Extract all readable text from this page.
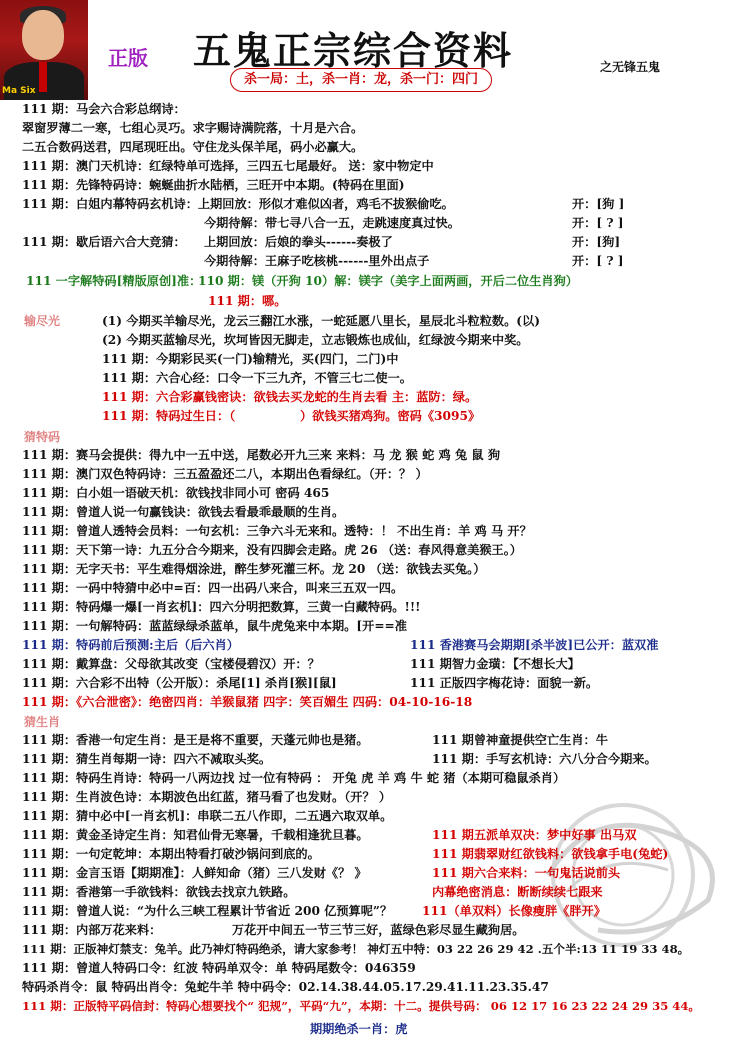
Ma Six
正版 五鬼正宗综合资料	之无锋五鬼
杀一局：土，杀一肖：龙，杀一门：四门
111 期：马会六合彩总纲诗：
翠窗罗薄二一寒，七组心灵巧。求字赐诗满院落，十月是六合。
二五合数码送君，四尾现旺出。守住龙头保羊尾，码小必赢大。
111 期：澳门天机诗：红绿特单可选择，三四五七尾最好。 送：家中物定中
111 期：先锋特码诗：蜿蜒曲折水陆栖，三旺开中本期。(特码在里面)
111 期：白姐内幕特码玄机诗：上期回放：形似才难似凶者，鸡毛不拔猴偷吃。	开：[狗 ]
今期待解：带七寻八合一五，走跳速度真过快。	开：[ ? ]
111 期：歇后语六合大竞猜： 上期回放：后娘的拳头------奏极了	开：[狗]
今期待解：王麻子吃核桃------里外出点子	开：[ ? ]
111 一字解特码[精版原创]准：
110 期：镁（开狗 10）解：镁字（美字上面两画，开后二位生肖狗）
111 期：哪。
输尽光	(1) 今期买羊输尽光，龙云三翻江水涨，一蛇延愿八里长，星辰北斗粒粒数。(以)
(2) 今期买蓝输尽光，坎坷皆因无脚走，立志锻炼也成仙，红绿波今期来中奖。
111 期：今期彩民买(一门)输精光，买(四门，二门)中
111 期：六合心经：口令一下三九齐，不管三七二使一。
111 期：六合彩赢钱密诀：欲钱去买龙蛇的生肖去看 主：蓝防：绿。
111 期：特码过生日：（	）欲钱买猪鸡狗。密码《3095》
猜特码
111 期：赛马会提供：得九中一五中送，尾数必开九三来 来料：马 龙 猴 蛇 鸡 兔 鼠 狗
111 期：澳门双色特码诗：三五盈盈还二八，本期出色看绿红。（开：？ ）
111 期：白小姐一语破天机：欲钱找非同小可 密码 465
111 期：曾道人说一句赢钱诀：欲钱去看最乖最顺的生肖。
111 期：曾道人透特会员料：一句玄机：三争六斗无来和。透特：！ 不出生肖：羊 鸡 马 开？
111 期：天下第一诗：九五分合今期来，没有四脚会走路。虎 26 （送：春风得意美猴王。）
111 期：无字天书：平生难得烟涂进，醉生梦死灌三杯。龙 20 （送：欲钱去买兔。）
111 期：一码中特猜中必中=百：四一出码八来合，叫来三五双一四。
111 期：特码爆一爆[一肖玄机]：四六分明把数算，三黄一白藏特码。!!!
111 期：一句解特码：蓝蓝绿绿杀蓝单，鼠牛虎兔来中本期。[开==准
111 期：特码前后预测:主后（后六肖）	111 香港赛马会期期[杀半波]已公开：蓝双准
111 期：戴算盘：父母欲其改变（宝楼侵碧汉）开：？	111 期智力金璜：【不想长大】
111 期：六合彩不出特（公开版）：杀尾[1] 杀肖[猴][鼠]	111 正版四字梅花诗：面貌一新。
111 期：《六合泄密》：绝密四肖：羊猴鼠猪 四字：笑百媚生 四码：04-10-16-18
猜生肖
111 期：香港一句定生肖：是王是将不重要，天蓬元帅也是猪。	111 期曾神童提供空亡生肖：牛
111 期：猜生肖每期一诗：四六不减取头奖。	111 期：手写玄机诗：六八分合今期来。
111 期：特码生肖诗：特码一八两边找 过一位有特码 ： 开兔 虎 羊 鸡 牛 蛇 猪（本期可稳鼠杀肖）
111 期：生肖波色诗：本期波色出红蓝，猪马看了也发财。（开？ ）
111 期：猜中必中[一肖玄机]：串联二五八作即，二五遇六取双单。
111 期：黄金圣诗定生肖：知君仙骨无寒暑，千载相逢犹旦暮。	111 期五派单双决：梦中好事 出马双
111 期：一句定乾坤：本期出特看打破沙锅问到底的。	111 期翡翠财红欲钱料：欲钱拿手电(兔蛇)
111 期：金言玉语【期期准】：人鲜知命（猪）三八发财《？ 》	111 期六合来料：一句鬼话说前头
111 期：香港第一手欲钱料：欲钱去找京九铁路。	内幕绝密消息：断断续续七跟来
111 期：曾道人说：“为什么三峡工程累计节省近 200 亿预算呢”？ 111（单双料）长像瘦胖《胖开》
111 期：内部万花来料：	万花开中间五一节三节三好，蓝绿色彩尽显生藏狗居。
111 期：正版神灯禁支：兔羊。此乃神灯特码绝杀，请大家参考！ 神灯五中特：03 22 26 29 42 .五个半:13 11 19 33 48。
111 期：曾道人特码口令：红波 特码单双令：单 特码尾数令：046359
特码杀肖令：鼠 特码出肖令：兔蛇牛羊 特中码令：02.14.38.44.05.17.29.41.11.23.35.47
111 期：正版特平码信封：特码心想要找个“ 犯规”，平码“九”，本期：十二。提供号码： 06 12 17 16 23 22 24 29 35 44。
期期绝杀一肖：虎
